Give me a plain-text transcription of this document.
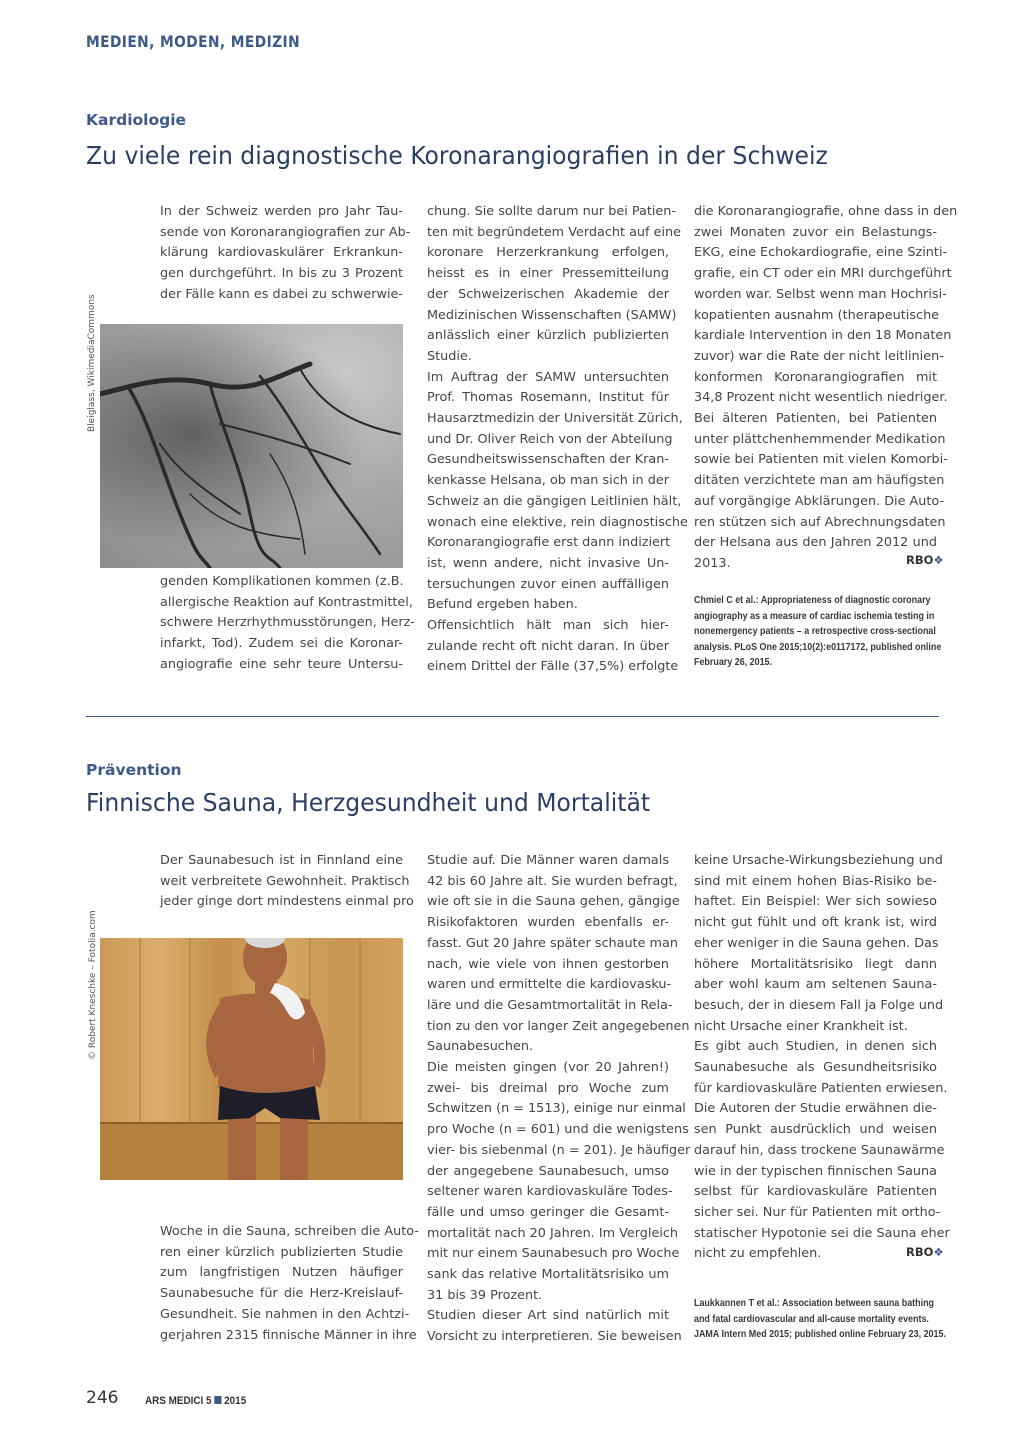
MEDIEN, MODEN, MEDIZIN
Kardiologie
Zu viele rein diagnostische Koronarangiografien in der Schweiz
In der Schweiz werden pro Jahr Tau-
sende von Koronarangiografien zur Ab-
klärung kardiovaskulärer Erkrankun-
gen durchgeführt. In bis zu 3 Prozent
der Fälle kann es dabei zu schwerwie-
Bleiglass, WikimediaCommons
genden Komplikationen kommen (z.B.
allergische Reaktion auf Kontrastmittel,
schwere Herzrhythmusstörungen, Herz-
infarkt, Tod). Zudem sei die Koronar-
angiografie eine sehr teure Untersu-
chung. Sie sollte darum nur bei Patien-
ten mit begründetem Verdacht auf eine
koronare Herzerkrankung erfolgen,
heisst es in einer Pressemitteilung
der Schweizerischen Akademie der
Medizinischen Wissenschaften (SAMW)
anlässlich einer kürzlich publizierten
Studie.
Im Auftrag der SAMW untersuchten
Prof. Thomas Rosemann, Institut für
Hausarztmedizin der Universität Zürich,
und Dr. Oliver Reich von der Abteilung
Gesundheitswissenschaften der Kran-
kenkasse Helsana, ob man sich in der
Schweiz an die gängigen Leitlinien hält,
wonach eine elektive, rein diagnostische
Koronarangiografie erst dann indiziert
ist, wenn andere, nicht invasive Un-
tersuchungen zuvor einen auffälligen
Befund ergeben haben.
Offensichtlich hält man sich hier-
zulande recht oft nicht daran. In über
einem Drittel der Fälle (37,5%) erfolgte
die Koronarangiografie, ohne dass in den
zwei Monaten zuvor ein Belastungs-
EKG, eine Echokardiografie, eine Szinti-
grafie, ein CT oder ein MRI durchgeführt
worden war. Selbst wenn man Hochrisi-
kopatienten ausnahm (therapeutische
kardiale Intervention in den 18 Monaten
zuvor) war die Rate der nicht leitlinien-
konformen Koronarangiografien mit
34,8 Prozent nicht wesentlich niedriger.
Bei älteren Patienten, bei Patienten
unter plättchenhemmender Medikation
sowie bei Patienten mit vielen Komorbi-
ditäten verzichtete man am häufigsten
auf vorgängige Abklärungen. Die Auto-
ren stützen sich auf Abrechnungsdaten
der Helsana aus den Jahren 2012 und
2013.	RBO❖
Chmiel C et al.: Appropriateness of diagnostic coronary
angiography as a measure of cardiac ischemia testing in
nonemergency patients – a retrospective cross-sectional
analysis. PLoS One 2015;10(2):e0117172, published online
February 26, 2015.
Prävention
Finnische Sauna, Herzgesundheit und Mortalität
Der Saunabesuch ist in Finnland eine
weit verbreitete Gewohnheit. Praktisch
jeder ginge dort mindestens einmal pro
© Robert Kneschke – Fotolia.com
Woche in die Sauna, schreiben die Auto-
ren einer kürzlich publizierten Studie
zum langfristigen Nutzen häufiger
Saunabesuche für die Herz-Kreislauf-
Gesundheit. Sie nahmen in den Achtzi-
gerjahren 2315 finnische Männer in ihre
Studie auf. Die Männer waren damals
42 bis 60 Jahre alt. Sie wurden befragt,
wie oft sie in die Sauna gehen, gängige
Risikofaktoren wurden ebenfalls er-
fasst. Gut 20 Jahre später schaute man
nach, wie viele von ihnen gestorben
waren und ermittelte die kardiovasku-
läre und die Gesamtmortalität in Rela-
tion zu den vor langer Zeit angegebenen
Saunabesuchen.
Die meisten gingen (vor 20 Jahren!)
zwei- bis dreimal pro Woche zum
Schwitzen (n = 1513), einige nur einmal
pro Woche (n = 601) und die wenigstens
vier- bis siebenmal (n = 201). Je häufiger
der angegebene Saunabesuch, umso
seltener waren kardiovaskuläre Todes-
fälle und umso geringer die Gesamt-
mortalität nach 20 Jahren. Im Vergleich
mit nur einem Saunabesuch pro Woche
sank das relative Mortalitätsrisiko um
31 bis 39 Prozent.
Studien dieser Art sind natürlich mit
Vorsicht zu interpretieren. Sie beweisen
keine Ursache-Wirkungsbeziehung und
sind mit einem hohen Bias-Risiko be-
haftet. Ein Beispiel: Wer sich sowieso
nicht gut fühlt und oft krank ist, wird
eher weniger in die Sauna gehen. Das
höhere Mortalitätsrisiko liegt dann
aber wohl kaum am seltenen Sauna-
besuch, der in diesem Fall ja Folge und
nicht Ursache einer Krankheit ist.
Es gibt auch Studien, in denen sich
Saunabesuche als Gesundheitsrisiko
für kardiovaskuläre Patienten erwiesen.
Die Autoren der Studie erwähnen die-
sen Punkt ausdrücklich und weisen
darauf hin, dass trockene Saunawärme
wie in der typischen finnischen Sauna
selbst für kardiovaskuläre Patienten
sicher sei. Nur für Patienten mit ortho-
statischer Hypotonie sei die Sauna eher
nicht zu empfehlen.	RBO❖
Laukkannen T et al.: Association between sauna bathing
and fatal cardiovascular and all-cause mortality events.
JAMA Intern Med 2015; published online February 23, 2015.
246 ARS MEDICI 5 2015
